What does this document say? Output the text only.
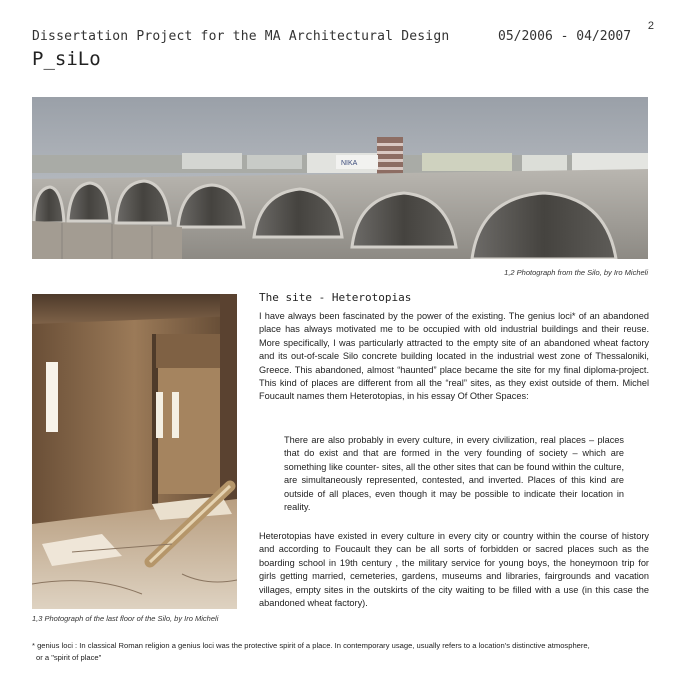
2
Dissertation Project for the MA Architectural Design	05/2006 - 04/2007
P_siLo
NIKA
1,2 Photograph from the Silo, by Iro Micheli
1,3 Photograph of the last floor of the Silo, by Iro Micheli
The site - Heterotopias

I have always been fascinated by the power of the existing. The genius loci* of an abandoned place has always motivated me to be occupied with old industrial buildings and their reuse. More specifically, I was particularly attracted to the empty site of an abandoned wheat factory and its out-of-scale Silo concrete building located in the industrial west zone of Thessaloniki, Greece. This abandoned, almost “haunted” place became the site for my final diploma-project. This kind of places are different from all the “real” sites, as they exist outside of them. Michel Foucault names them Heterotopias, in his essay Of Other Spaces:

There are also probably in every culture, in every civilization, real places – places that do exist and that are formed in the very founding of society – which are something like counter- sites, all the other sites that can be found within the culture, are simultaneously represented, contested, and inverted. Places of this kind are outside of all places, even though it may be possible to indicate their location in reality.

Heterotopias have existed in every culture in every city or country within the course of history and according to Foucault they can be all sorts of forbidden or sacred places such as the boarding school in 19th century , the military service for young boys, the honeymoon trip for girls getting married, cemeteries, gardens, museums and libraries, fairgrounds and vacation villages, empty sites in the outskirts of the city waiting to be filled with a use (in this case the abandoned wheat factory).

* genius loci : In classical Roman religion a genius loci was the protective spirit of a place. In contemporary usage, usually refers to a location's distinctive atmosphere,
or a "spirit of place"
